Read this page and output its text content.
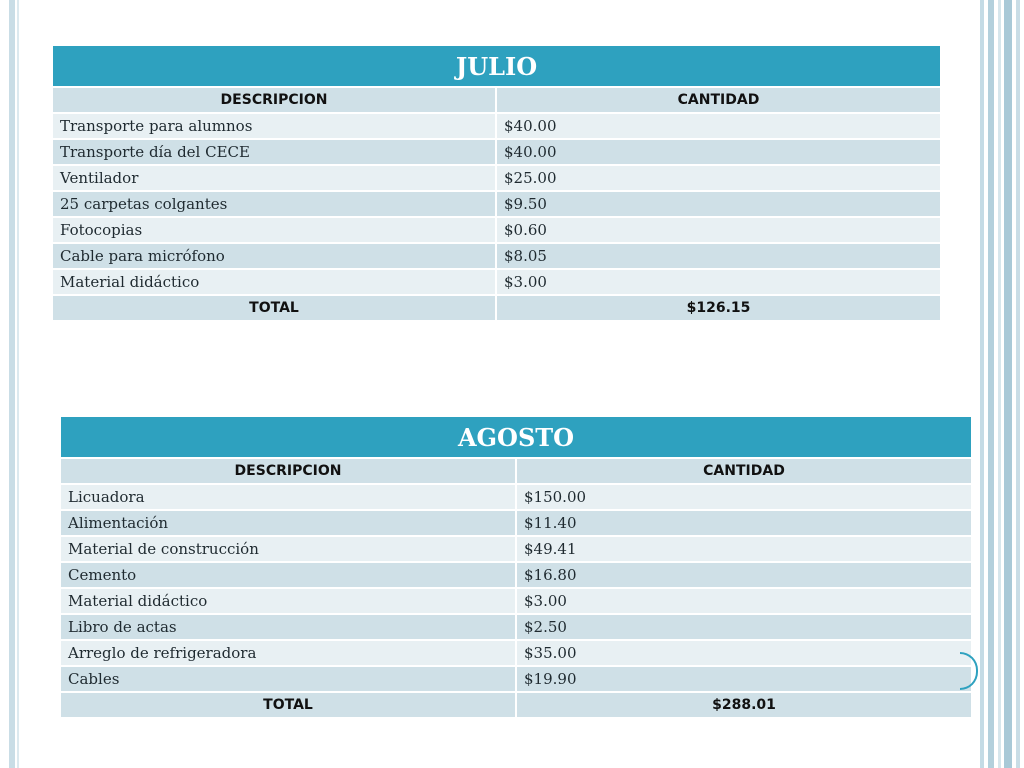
JULIO	
DESCRIPCION	CANTIDAD
Transporte para alumnos	$40.00
Transporte día del CECE	$40.00
Ventilador	$25.00
25 carpetas colgantes	$9.50
Fotocopias	$0.60
Cable para micrófono	$8.05
Material didáctico	$3.00
TOTAL	$126.15
AGOSTO	
DESCRIPCION	CANTIDAD
Licuadora	$150.00
Alimentación	$11.40
Material de construcción	$49.41
Cemento	$16.80
Material didáctico	$3.00
Libro de actas	$2.50
Arreglo de refrigeradora	$35.00
Cables	$19.90
TOTAL	$288.01
